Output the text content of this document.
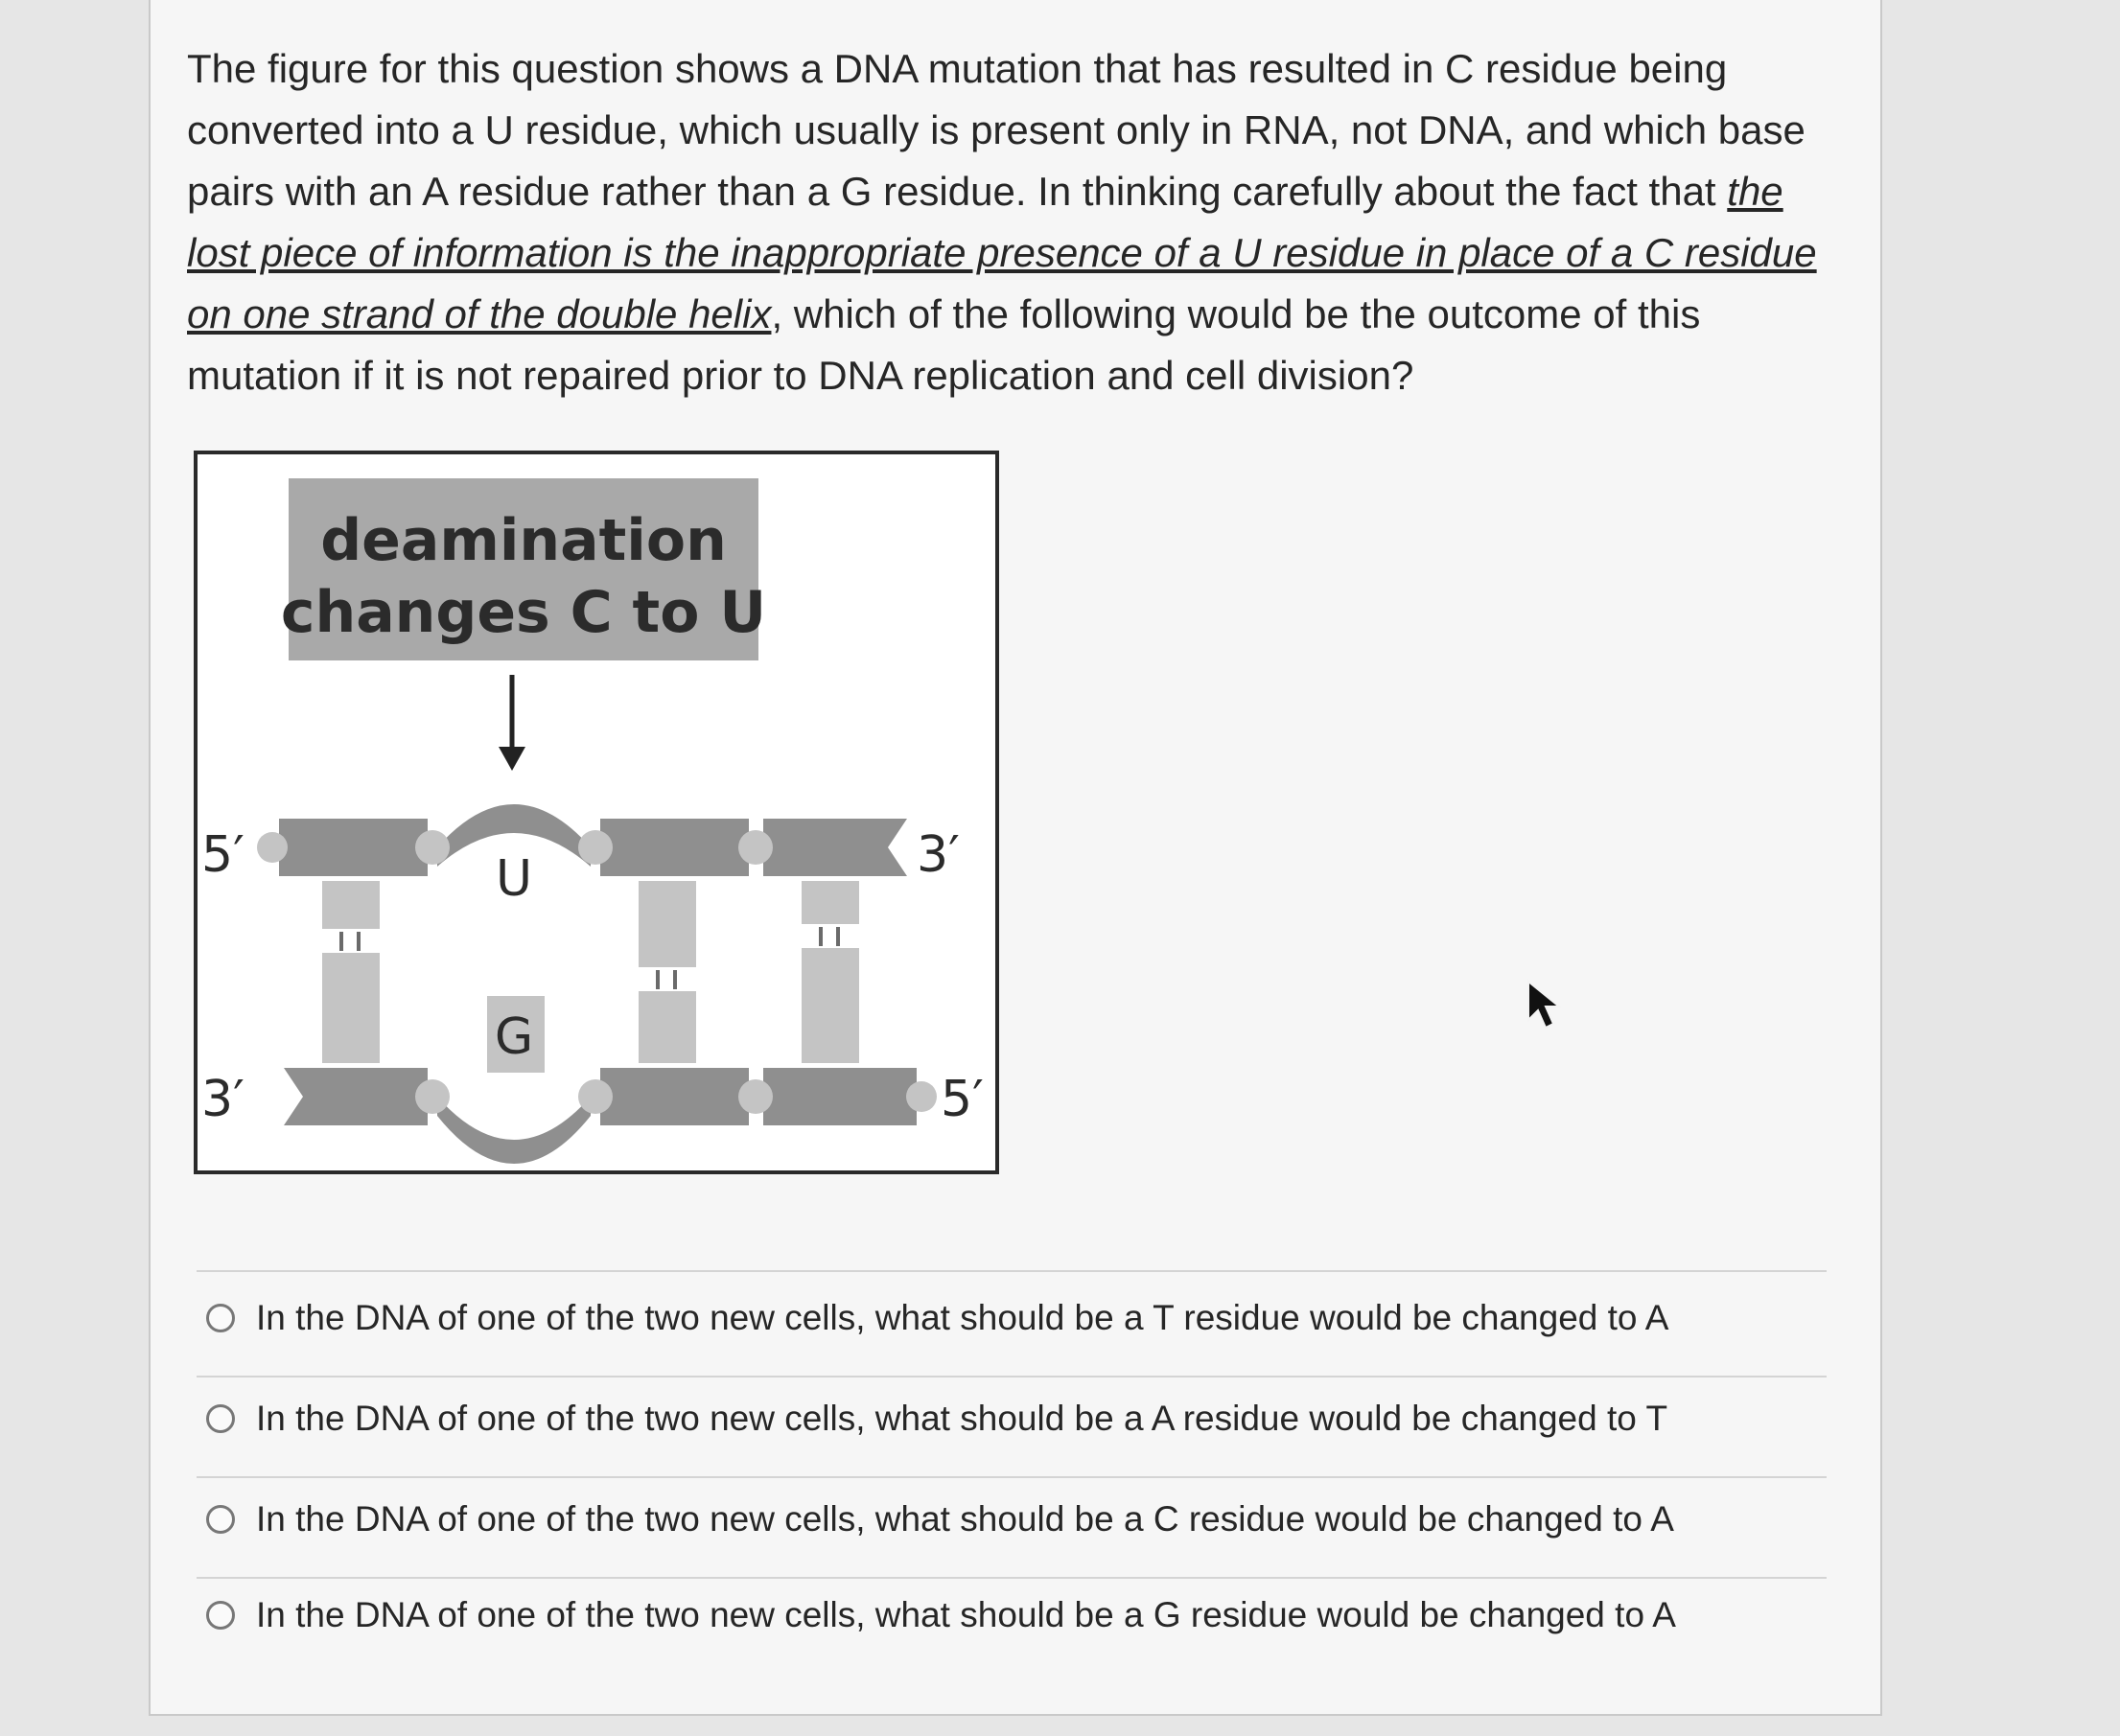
The figure for this question shows a DNA mutation that has resulted in C residue being converted into a U residue, which usually is present only in RNA, not DNA, and which base pairs with an A residue rather than a G residue. In thinking carefully about the fact that the lost piece of information is the inappropriate presence of a U residue in place of a C residue on one strand of the double helix, which of the following would be the outcome of this mutation if it is not repaired prior to DNA replication and cell division?
deamination
changes C to U
U
G
5′	3′
3′	5′
In the DNA of one of the two new cells, what should be a T residue would be changed to A
In the DNA of one of the two new cells, what should be a A residue would be changed to T
In the DNA of one of the two new cells, what should be a C residue would be changed to A
In the DNA of one of the two new cells, what should be a G residue would be changed to A
